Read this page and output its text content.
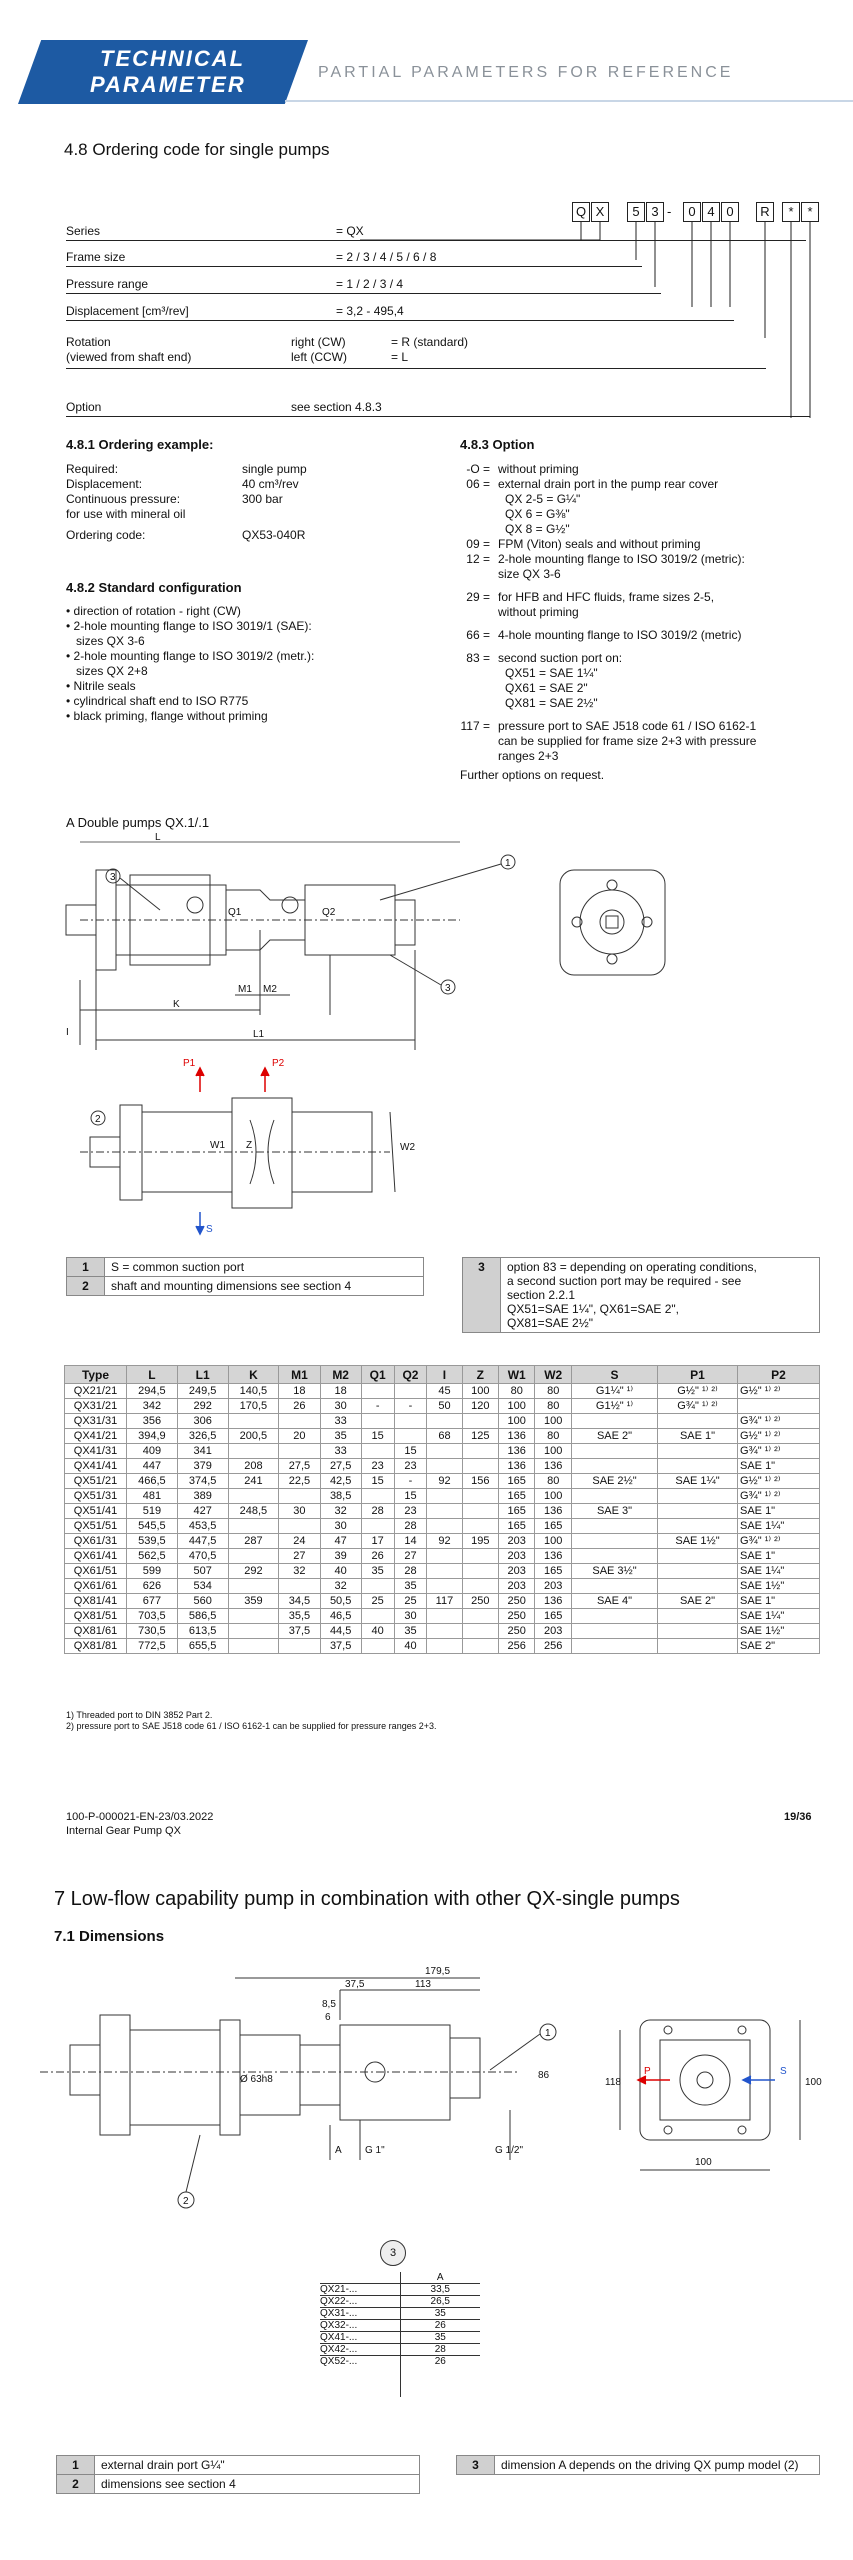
TECHNICAL
PARAMETER	PARTIAL PARAMETERS FOR REFERENCE
4.8 Ordering code for single pumps
Q X	5 3 -	0 4 0	R	*	*
Series	= QX
Frame size	= 2 / 3 / 4 / 5 / 6 / 8
Pressure range	= 1 / 2 / 3 / 4
Displacement [cm³/rev]	= 3,2 - 495,4
Rotation
(viewed from shaft end)
right (CW)	= R (standard)
left (CCW)	= L
Option	see section 4.8.3
4.8.1 Ordering example:
Required:	single pump
Displacement:	40 cm³/rev
Continuous pressure:	300 bar
for use with mineral oil
Ordering code:	QX53-040R
4.8.2 Standard configuration
• direction of rotation - right (CW)
• 2-hole mounting flange to ISO 3019/1 (SAE):
sizes QX 3-6
• 2-hole mounting flange to ISO 3019/2 (metr.):
sizes QX 2+8
• Nitrile seals
• cylindrical shaft end to ISO R775
• black priming, flange without priming
4.8.3 Option
-O = without priming
06 = external drain port in the pump rear cover
QX 2-5 = G¼"
QX 6 = G⅜"
QX 8 = G½"
09 = FPM (Viton) seals and without priming
12 = 2-hole mounting flange to ISO 3019/2 (metric):
size QX 3-6
29 = for HFB and HFC fluids, frame sizes 2-5,
without priming
66 = 4-hole mounting flange to ISO 3019/2 (metric)
83 = second suction port on:
QX51 = SAE 1¼"
QX61 = SAE 2"
QX81 = SAE 2½"
117 = pressure port to SAE J518 code 61 / ISO 6162-1
can be supplied for frame size 2+3 with pressure
ranges 2+3
Further options on request.
A Double pumps QX.1/.1
L
I
K
L1
M1 M2
Q1	Q2
W1 Z	W2
P1	P2
S
3
1
3
2
1	S = common suction port
2	shaft and mounting dimensions see section 4
3	option 83 = depending on operating conditions,
a second suction port may be required - see
section 2.2.1
QX51=SAE 1¼", QX61=SAE 2",
QX81=SAE 2½"
Type	L	L1	K	M1	M2	Q1	Q2	I	Z	W1	W2	S	P1	P2
QX21/21	294,5	249,5	140,5	18	18			45	100	80	80	G1¼" ¹⁾	G½" ¹⁾ ²⁾	G½" ¹⁾ ²⁾
QX31/21	342	292	170,5	26	30	-	-	50	120	100	80	G1½" ¹⁾	G¾" ¹⁾ ²⁾	
QX31/31	356	306			33					100	100			G¾" ¹⁾ ²⁾
QX41/21	394,9	326,5	200,5	20	35	15		68	125	136	80	SAE 2"	SAE 1"	G½" ¹⁾ ²⁾
QX41/31	409	341			33		15			136	100			G¾" ¹⁾ ²⁾
QX41/41	447	379	208	27,5	27,5	23	23			136	136			SAE 1"
QX51/21	466,5	374,5	241	22,5	42,5	15	-	92	156	165	80	SAE 2½"	SAE 1¼"	G½" ¹⁾ ²⁾
QX51/31	481	389			38,5		15			165	100			G¾" ¹⁾ ²⁾
QX51/41	519	427	248,5	30	32	28	23			165	136	SAE 3"		SAE 1"
QX51/51	545,5	453,5			30		28			165	165			SAE 1¼"
QX61/31	539,5	447,5	287	24	47	17	14	92	195	203	100		SAE 1½"	G¾" ¹⁾ ²⁾
QX61/41	562,5	470,5		27	39	26	27			203	136			SAE 1"
QX61/51	599	507	292	32	40	35	28			203	165	SAE 3½"		SAE 1¼"
QX61/61	626	534			32		35			203	203			SAE 1½"
QX81/41	677	560	359	34,5	50,5	25	25	117	250	250	136	SAE 4"	SAE 2"	SAE 1"
QX81/51	703,5	586,5		35,5	46,5		30			250	165			SAE 1¼"
QX81/61	730,5	613,5		37,5	44,5	40	35			250	203			SAE 1½"
QX81/81	772,5	655,5			37,5		40			256	256			SAE 2"
1) Threaded port to DIN 3852 Part 2.
2) pressure port to SAE J518 code 61 / ISO 6162-1 can be supplied for pressure ranges 2+3.
100-P-000021-EN-23/03.2022
Internal Gear Pump QX
19/36
7 Low-flow capability pump in combination with other QX-single pumps
7.1 Dimensions
179,5
37,5	113
8,5
6
Ø 63h8	86
G 1"	G 1/2"
A
118
100
100
P	S
1
2
3
	A
QX21-...	33,5
QX22-...	26,5
QX31-...	35
QX32-...	26
QX41-...	35
QX42-...	28
QX52-...	26

1	external drain port G¼"
2	dimensions see section 4
3	dimension A depends on the driving QX pump model (2)
